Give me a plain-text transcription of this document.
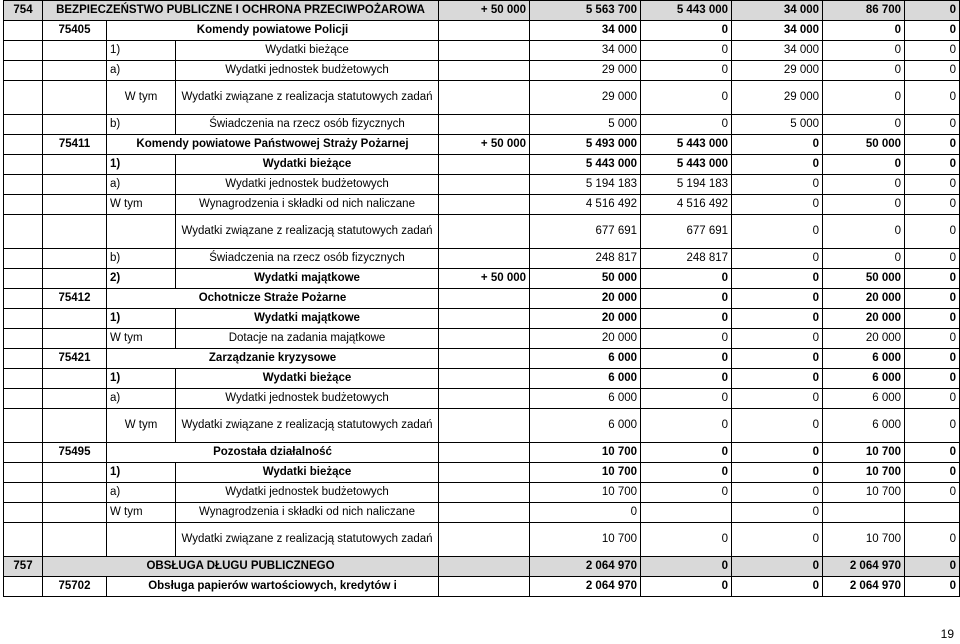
754	BEZPIECZEŃSTWO PUBLICZNE I OCHRONA PRZECIWPOŻAROWA			+ 50 000	5 563 700	5 443 000	34 000	86 700	0
	75405	Komendy powiatowe Policji			34 000	0	34 000	0	0
		1)	Wydatki bieżące		34 000	0	34 000	0	0
		a)	Wydatki jednostek budżetowych		29 000	0	29 000	0	0
		W tym	Wydatki związane z realizacja statutowych zadań		29 000	0	29 000	0	0
		b)	Świadczenia na rzecz osób fizycznych		5 000	0	5 000	0	0
	75411	Komendy powiatowe Państwowej Straży Pożarnej		+ 50 000	5 493 000	5 443 000	0	50 000	0
		1)	Wydatki bieżące		5 443 000	5 443 000	0	0	0
		a)	Wydatki jednostek budżetowych		5 194 183	5 194 183	0	0	0
		W tym	Wynagrodzenia i składki od nich naliczane		4 516 492	4 516 492	0	0	0
			Wydatki związane z realizacją statutowych zadań		677 691	677 691	0	0	0
		b)	Świadczenia na rzecz osób fizycznych		248 817	248 817	0	0	0
		2)	Wydatki majątkowe	+ 50 000	50 000	0	0	50 000	0
	75412	Ochotnicze Straże Pożarne			20 000	0	0	20 000	0
		1)	Wydatki majątkowe		20 000	0	0	20 000	0
		W tym	Dotacje na zadania majątkowe		20 000	0	0	20 000	0
	75421	Zarządzanie kryzysowe			6 000	0	0	6 000	0
		1)	Wydatki bieżące		6 000	0	0	6 000	0
		a)	Wydatki jednostek budżetowych		6 000	0	0	6 000	0
		W tym	Wydatki związane z realizacją statutowych zadań		6 000	0	0	6 000	0
	75495	Pozostała działalność			10 700	0	0	10 700	0
		1)	Wydatki bieżące		10 700	0	0	10 700	0
		a)	Wydatki jednostek budżetowych		10 700	0	0	10 700	0
		W tym	Wynagrodzenia i składki od nich naliczane		0		0		
			Wydatki związane z realizacją statutowych zadań		10 700	0	0	10 700	0
757	OBSŁUGA DŁUGU PUBLICZNEGO				2 064 970	0	0	2 064 970	0
	75702	Obsługa papierów wartościowych, kredytów i			2 064 970	0	0	2 064 970	0
19
